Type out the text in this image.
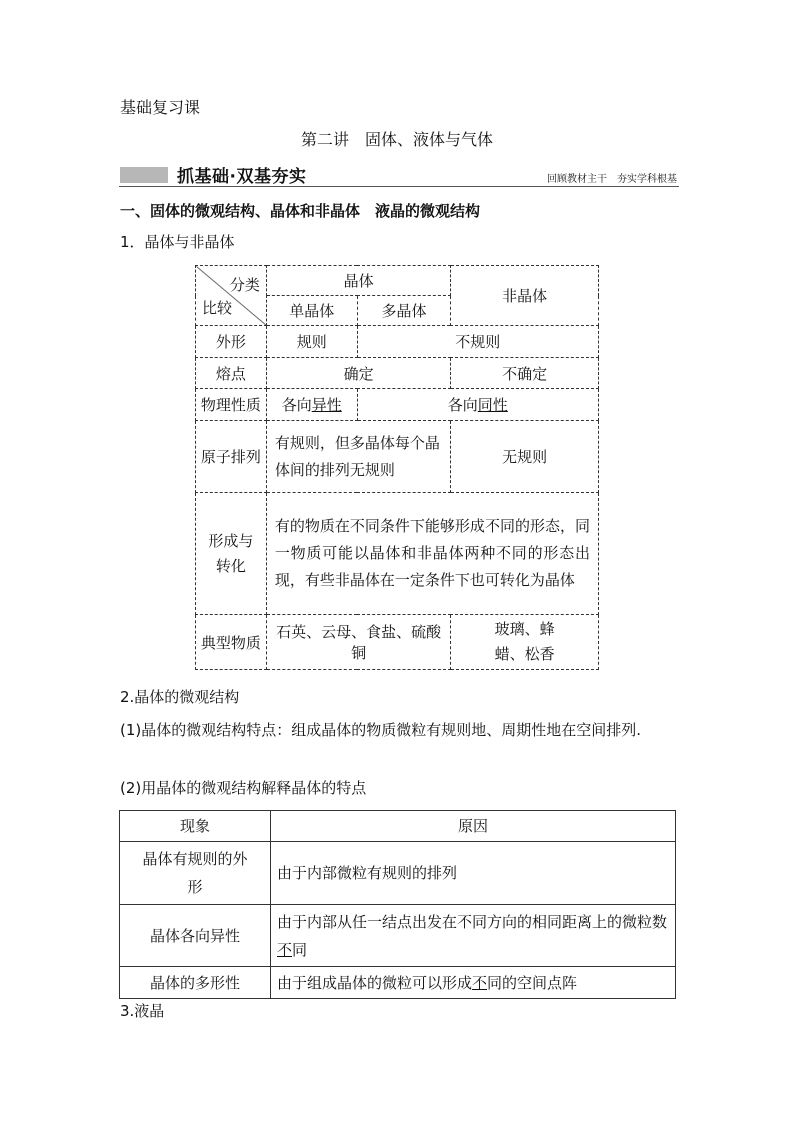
基础复习课
第二讲　固体、液体与气体
抓基础·双基夯实	回顾教材主干　夯实学科根基
一、固体的微观结构、晶体和非晶体　液晶的微观结构
1．晶体与非晶体
分类
比较	晶体		非晶体
	单晶体	多晶体	
外形	规则	不规则	
熔点	确定		不确定
物理性质	各向异性	各向同性	
原子排列	有规则，但多晶体每个晶体间的排列无规则		无规则

形成与
转化	有的物质在不同条件下能够形成不同的形态，同一物质可能以晶体和非晶体两种不同的形态出现，有些非晶体在一定条件下也可转化为晶体		
典型物质	石英、云母、食盐、硫酸铜		玻璃、蜂
蜡、松香
2.晶体的微观结构
(1)晶体的微观结构特点：组成晶体的物质微粒有规则地、周期性地在空间排列.
(2)用晶体的微观结构解释晶体的特点
现象	原因

晶体有规则的外
形	由于内部微粒有规则的排列
晶体各向异性	由于内部从任一结点出发在不同方向的相同距离上的微粒数不同
晶体的多形性	由于组成晶体的微粒可以形成不同的空间点阵
3.液晶
